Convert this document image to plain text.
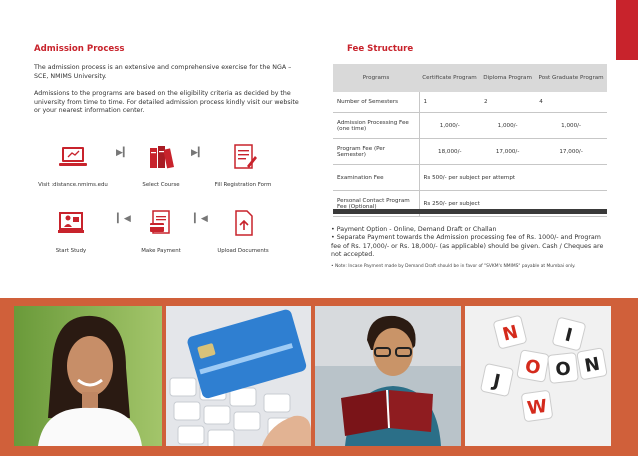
Admission Process
The admission process is an extensive and comprehensive exercise for the NGA – SCE, NMIMS University.
Admissions to the programs are based on the eligibility criteria as decided by the university from time to time. For detailed admission process kindly visit our website or your nearest information center.
Visit :distance.nmims.edu
▶▎
Select Course
▶▎
Fill Registration Form
Start Study
▎◀
Make Payment
▎◀
Upload Documents
Fee Structure
Programs	Certificate Program	Diploma Program	Post Graduate Program
Number of Semesters	1	2	4
Admission Processing Fee (one time)	1,000/-	1,000/-	1,000/-
Program Fee (Per Semester)	18,000/-	17,000/-	17,000/-
Examination Fee	Rs 500/- per subject per attempt		
Personal Contact Program Fee (Optional)	Rs 250/- per subject		
• Payment Option - Online, Demand Draft or Challan
• Separate Payment towards the Admission processing fee of Rs. 1000/- and Program fee of Rs. 17,000/- or Rs. 18,000/- (as applicable) should be given. Cash / Cheques are not accepted.
• Note: Incase Payment made by Demand Draft should be in favor of "SVKM's NMIMS" payable at Mumbai only.
N
O
W
J
O
I
N
